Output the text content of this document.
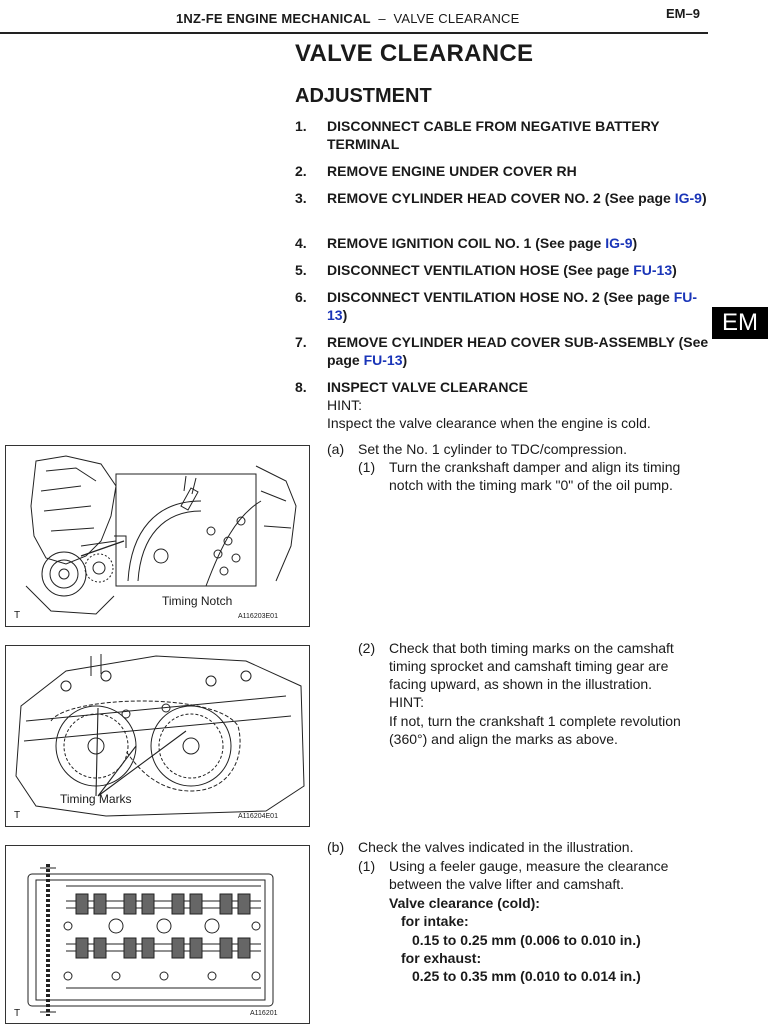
1NZ-FE ENGINE MECHANICAL – VALVE CLEARANCE	EM–9
EM
VALVE CLEARANCE
ADJUSTMENT
1. DISCONNECT CABLE FROM NEGATIVE BATTERY TERMINAL
2. REMOVE ENGINE UNDER COVER RH
3. REMOVE CYLINDER HEAD COVER NO. 2 (See page IG-9)
4. REMOVE IGNITION COIL NO. 1 (See page IG-9)
5. DISCONNECT VENTILATION HOSE (See page FU-13)
6. DISCONNECT VENTILATION HOSE NO. 2 (See page FU-13)
7. REMOVE CYLINDER HEAD COVER SUB-ASSEMBLY (See page FU-13)
8. INSPECT VALVE CLEARANCE
HINT:
Inspect the valve clearance when the engine is cold.
(a) Set the No. 1 cylinder to TDC/compression.
(1) Turn the crankshaft damper and align its timing notch with the timing mark "0" of the oil pump.
(2) Check that both timing marks on the camshaft timing sprocket and camshaft timing gear are facing upward, as shown in the illustration.
HINT:
If not, turn the crankshaft 1 complete revolution (360°) and align the marks as above.
(b) Check the valves indicated in the illustration.
(1) Using a feeler gauge, measure the clearance between the valve lifter and camshaft.
Valve clearance (cold):
for intake:
0.15 to 0.25 mm (0.006 to 0.010 in.)
for exhaust:
0.25 to 0.35 mm (0.010 to 0.014 in.)
Timing Notch
T	A116203E01
Timing Marks
T	A116204E01
T	A116201
